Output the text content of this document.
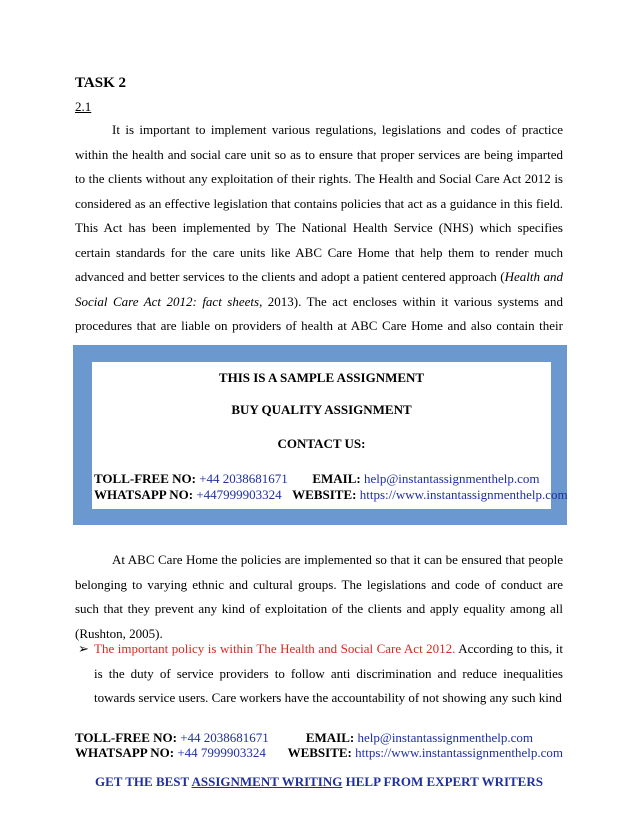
TASK 2
2.1

It is important to implement various regulations, legislations and codes of practice within the health and social care unit so as to ensure that proper services are being imparted to the clients without any exploitation of their rights. The Health and Social Care Act 2012 is considered as an effective legislation that contains policies that act as a guidance in this field. This Act has been implemented by The National Health Service (NHS) which specifies certain standards for the care units like ABC Care Home that help them to render much advanced and better services to the clients and adopt a patient centered approach (Health and Social Care Act 2012: fact sheets, 2013). The act encloses within it various systems and procedures that are liable on providers of health at ABC Care Home and also contain their

THIS IS A SAMPLE ASSIGNMENT
BUY QUALITY ASSIGNMENT
CONTACT US:
TOLL-FREE NO: +44 2038681671 EMAIL: help@instantassignmenthelp.com
WHATSAPP NO: +447999903324 WEBSITE: https://www.instantassignmenthelp.com

At ABC Care Home the policies are implemented so that it can be ensured that people belonging to varying ethnic and cultural groups. The legislations and code of conduct are such that they prevent any kind of exploitation of the clients and apply equality among all (Rushton, 2005).

➢ The important policy is within The Health and Social Care Act 2012. According to this, it is the duty of service providers to follow anti discrimination and reduce inequalities towards service users. Care workers have the accountability of not showing any such kind
TOLL-FREE NO: +44 2038681671	EMAIL: help@instantassignmenthelp.com
WHATSAPP NO: +44 7999903324 WEBSITE: https://www.instantassignmenthelp.com
GET THE BEST ASSIGNMENT WRITING HELP FROM EXPERT WRITERS
